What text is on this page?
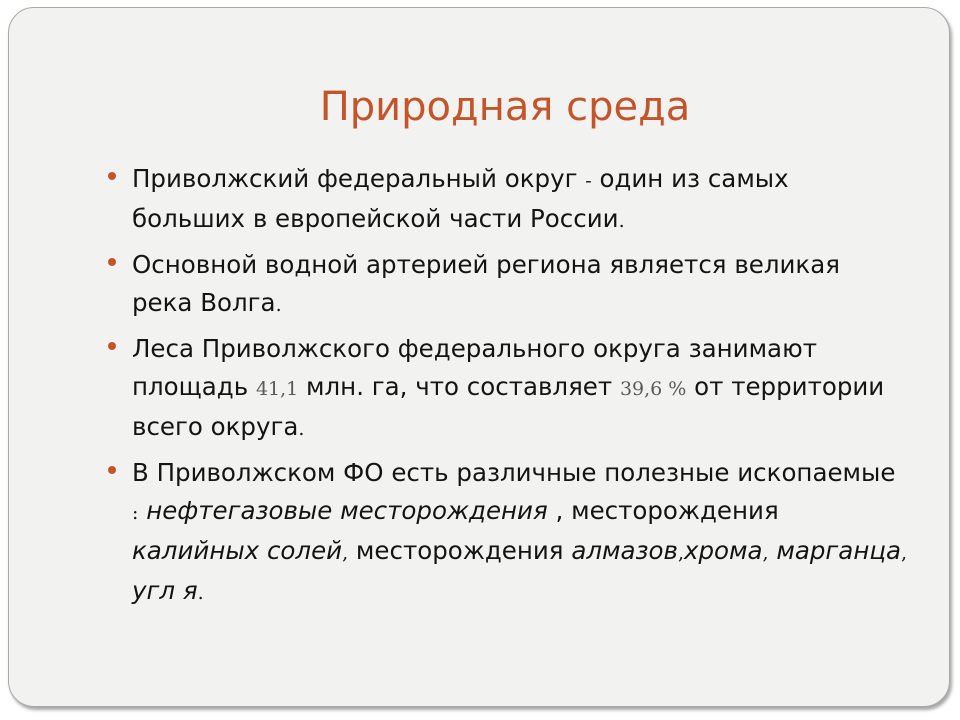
Природная среда
Приволжский федеральный округ - один из самых больших в европейской части России.
Основной водной артерией региона является великая река Волга.
Леса Приволжского федерального округа занимают площадь 41,1 млн. га, что составляет 39,6 % от территории всего округа.
В Приволжском ФО есть различные полезные ископаемые : нефтегазовые месторождения , месторождения калийных солей, месторождения алмазов,хрома, марганца, угл я.
